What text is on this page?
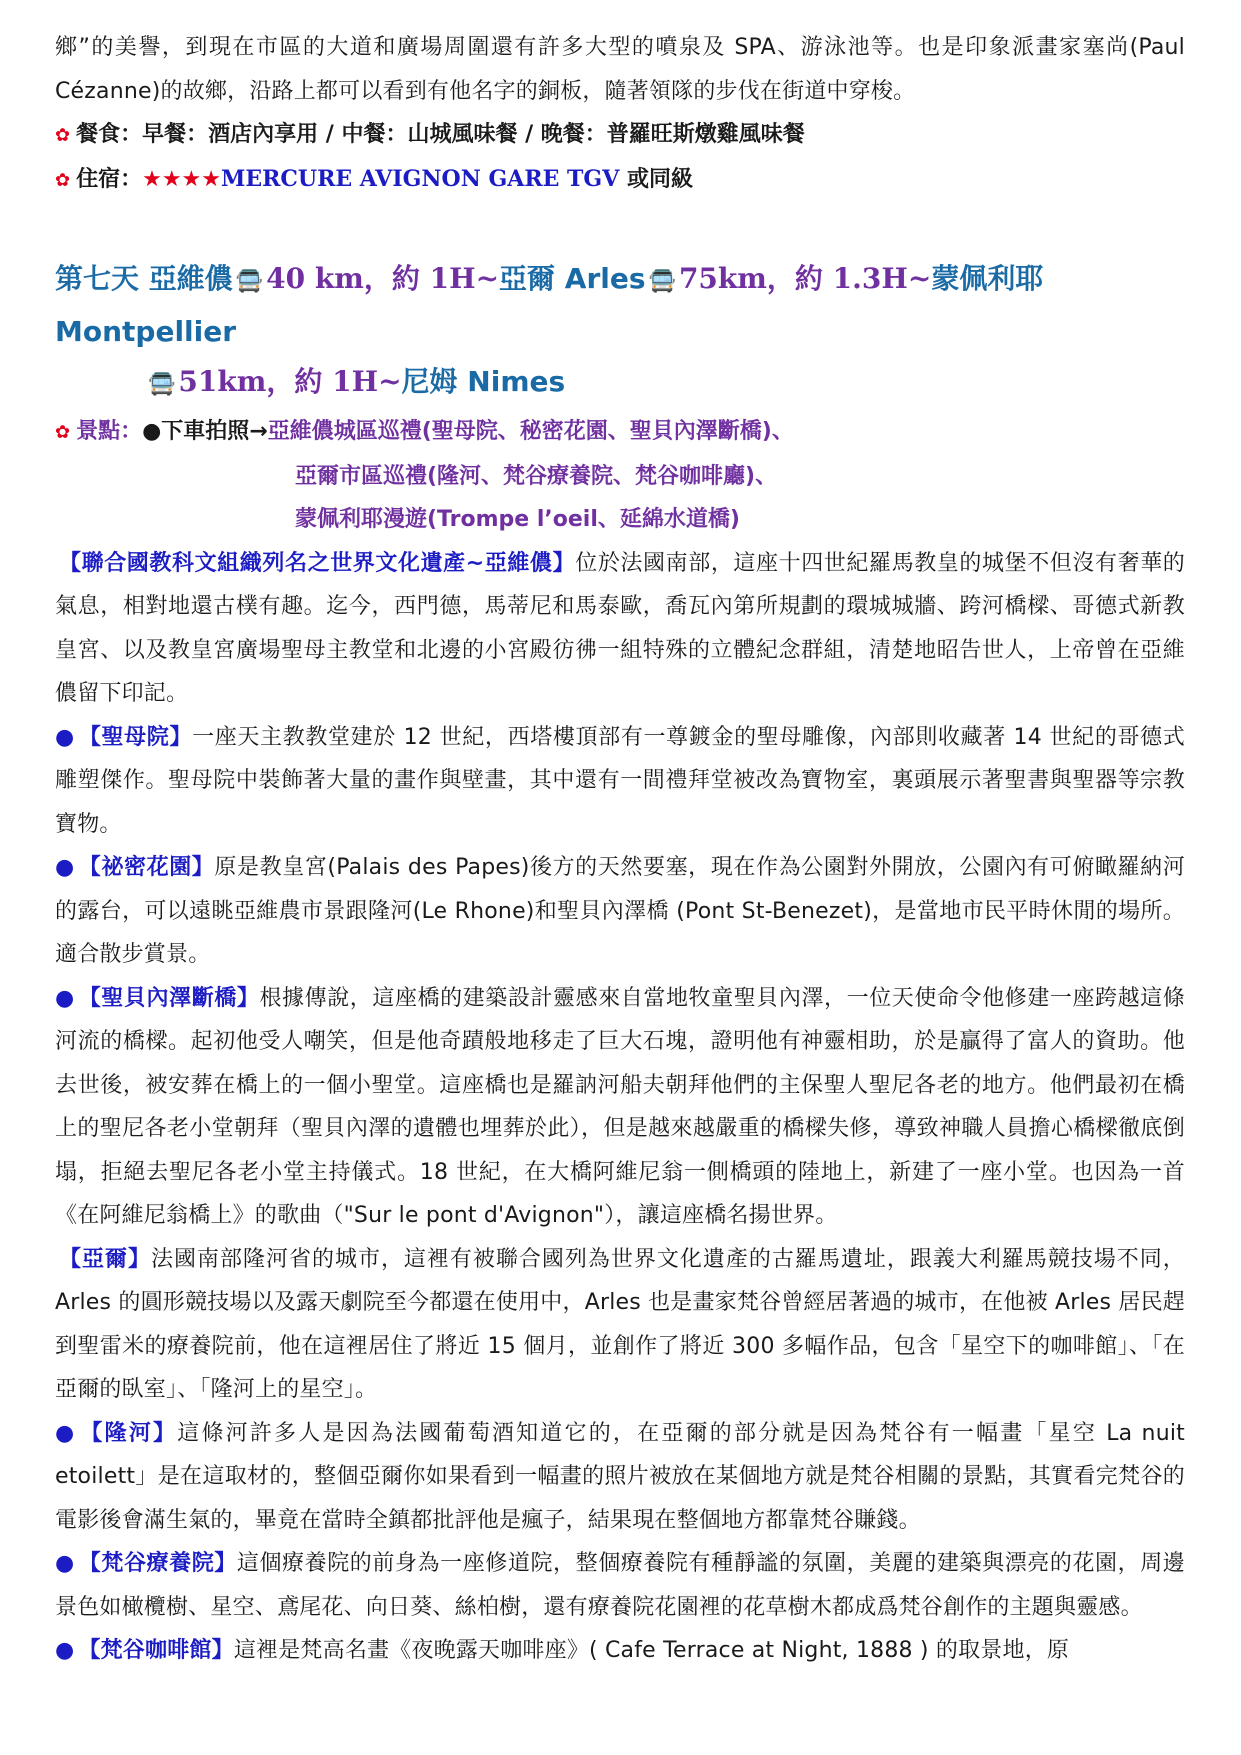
鄉”的美譽，到現在市區的大道和廣場周圍還有許多大型的噴泉及 SPA、游泳池等。也是印象派畫家塞尚(Paul Cézanne)的故鄉，沿路上都可以看到有他名字的銅板，隨著領隊的步伐在街道中穿梭。

✿ 餐食：早餐：酒店內享用 / 中餐：山城風味餐 / 晚餐：普羅旺斯燉雞風味餐
✿ 住宿：★★★★MERCURE AVIGNON GARE TGV 或同級
第七天 亞維儂 🚍 40 km，約 1H~亞爾 Arles 🚍 75km，約 1.3H~蒙佩利耶 Montpellier
🚍 51km，約 1H~尼姆 Nimes
✿ 景點：●下車拍照→亞維儂城區巡禮(聖母院、秘密花園、聖貝內澤斷橋)、
亞爾市區巡禮(隆河、梵谷療養院、梵谷咖啡廳)、
蒙佩利耶漫遊(Trompe l’oeil、延綿水道橋)

【聯合國教科文組織列名之世界文化遺產~亞維儂】位於法國南部，這座十四世紀羅馬教皇的城堡不但沒有奢華的氣息，相對地還古樸有趣。迄今，西門德，馬蒂尼和馬泰歐，喬瓦內第所規劃的環城城牆、跨河橋樑、哥德式新教皇宮、以及教皇宮廣場聖母主教堂和北邊的小宮殿彷彿一組特殊的立體紀念群組，清楚地昭告世人，上帝曾在亞維儂留下印記。

● 【聖母院】一座天主教教堂建於 12 世紀，西塔樓頂部有一尊鍍金的聖母雕像，內部則收藏著 14 世紀的哥德式雕塑傑作。聖母院中裝飾著大量的畫作與壁畫，其中還有一間禮拜堂被改為寶物室，裏頭展示著聖書與聖器等宗教寶物。

● 【祕密花園】原是教皇宮(Palais des Papes)後方的天然要塞，現在作為公園對外開放，公園內有可俯瞰羅納河的露台，可以遠眺亞維農市景跟隆河(Le Rhone)和聖貝內澤橋 (Pont St-Benezet)，是當地市民平時休閒的場所。適合散步賞景。

● 【聖貝內澤斷橋】根據傳說，這座橋的建築設計靈感來自當地牧童聖貝內澤，一位天使命令他修建一座跨越這條河流的橋樑。起初他受人嘲笑，但是他奇蹟般地移走了巨大石塊，證明他有神靈相助，於是贏得了富人的資助。他去世後，被安葬在橋上的一個小聖堂。這座橋也是羅訥河船夫朝拜他們的主保聖人聖尼各老的地方。他們最初在橋上的聖尼各老小堂朝拜（聖貝內澤的遺體也埋葬於此），但是越來越嚴重的橋樑失修，導致神職人員擔心橋樑徹底倒塌，拒絕去聖尼各老小堂主持儀式。18 世紀，在大橋阿維尼翁一側橋頭的陸地上，新建了一座小堂。也因為一首《在阿維尼翁橋上》的歌曲（"Sur le pont d'Avignon"），讓這座橋名揚世界。

【亞爾】法國南部隆河省的城市，這裡有被聯合國列為世界文化遺產的古羅馬遺址，跟義大利羅馬競技場不同，Arles 的圓形競技場以及露天劇院至今都還在使用中，Arles 也是畫家梵谷曾經居著過的城市，在他被 Arles 居民趕到聖雷米的療養院前，他在這裡居住了將近 15 個月，並創作了將近 300 多幅作品，包含「星空下的咖啡館」、「在亞爾的臥室」、「隆河上的星空」。

● 【隆河】這條河許多人是因為法國葡萄酒知道它的，在亞爾的部分就是因為梵谷有一幅畫「星空 La nuit etoilett」是在這取材的，整個亞爾你如果看到一幅畫的照片被放在某個地方就是梵谷相關的景點，其實看完梵谷的電影後會滿生氣的，畢竟在當時全鎮都批評他是瘋子，結果現在整個地方都靠梵谷賺錢。

● 【梵谷療養院】這個療養院的前身為一座修道院，整個療養院有種靜謐的氛圍，美麗的建築與漂亮的花園，周邊景色如橄欖樹、星空、鳶尾花、向日葵、絲柏樹，還有療養院花園裡的花草樹木都成爲梵谷創作的主題與靈感。

● 【梵谷咖啡館】這裡是梵高名畫《夜晚露天咖啡座》( Cafe Terrace at Night, 1888 ) 的取景地，原
